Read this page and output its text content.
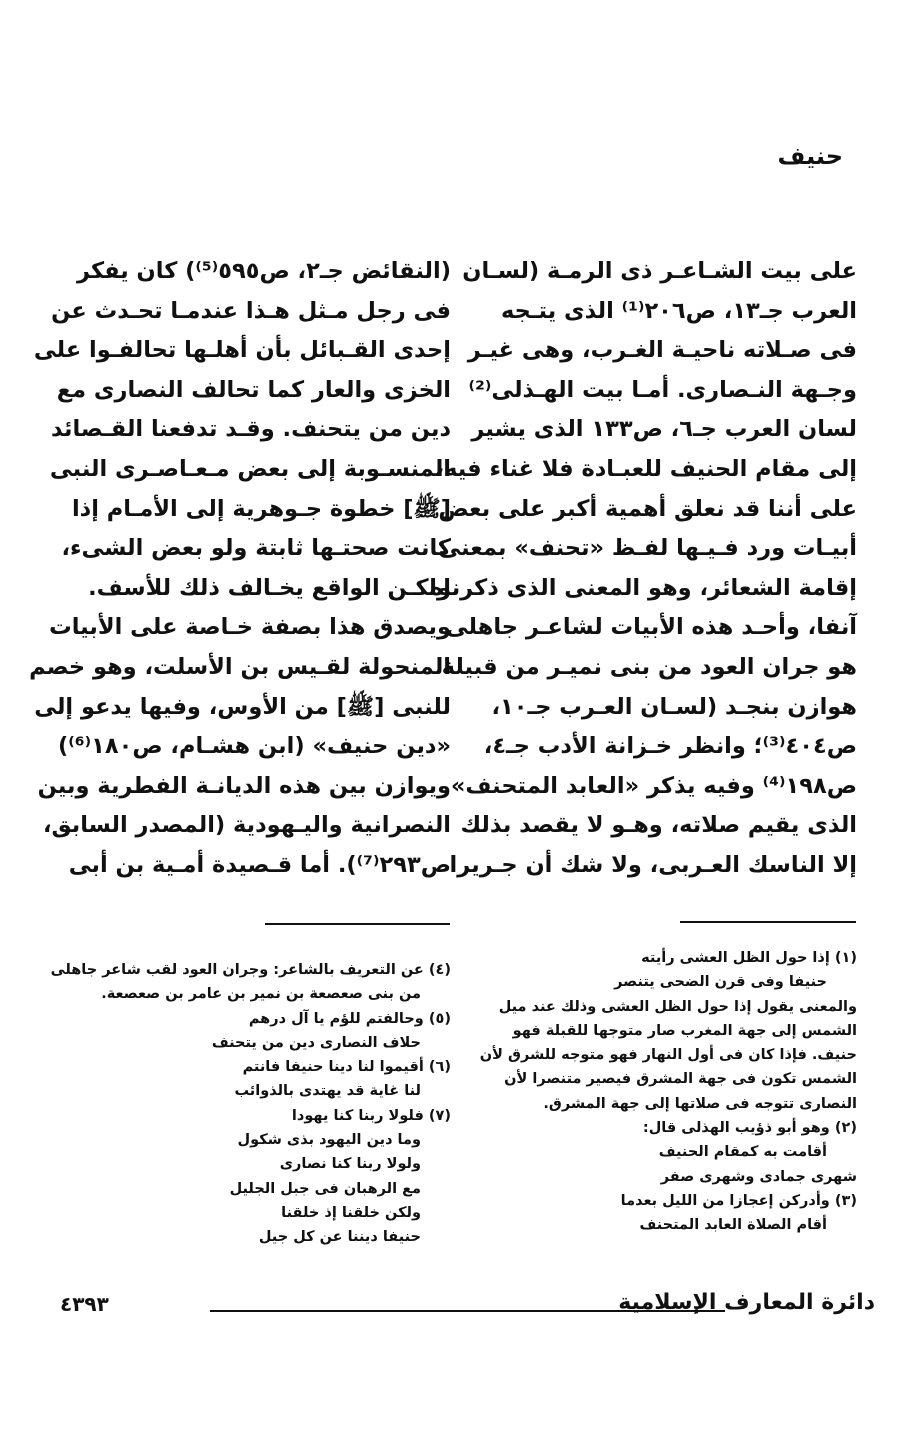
حنيف
على بيت الشـاعـر ذى الرمـة (لسـان
العرب جـ١٣، ص٢٠٦⁽¹⁾ الذى يتـجه
فى صـلاته ناحيـة الغـرب، وهى غيـر
وجـهة النـصارى. أمـا بيت الهـذلى⁽²⁾
لسان العرب جـ٦، ص١٣٣ الذى يشير
إلى مقام الحنيف للعبـادة فلا غناء فيه،
على أننا قد نعلق أهمية أكبر على بعض
أبيـات ورد فـيـها لفـظ «تحنف» بمعنى
إقامة الشعائر، وهو المعنى الذى ذكرناه
آنفا، وأحـد هذه الأبيات لشاعـر جاهلى
هو جران العود من بنى نميـر من قبيلة
هوازن بنجـد (لسـان العـرب جـ١٠،
ص٤٠٤⁽³⁾؛ وانظر خـزانة الأدب جـ٤،
ص١٩٨⁽⁴⁾ وفيه يذكر «العابد المتحنف»
الذى يقيم صلاته، وهـو لا يقصد بذلك
إلا الناسك العـربى، ولا شك أن جـريرا
(النقائض جـ٢، ص٥٩٥⁽⁵⁾) كان يفكر
فى رجل مـثل هـذا عندمـا تحـدث عن
إحدى القـبائل بأن أهلـها تحالفـوا على
الخزى والعار كما تحالف النصارى مع
دين من يتحنف. وقـد تدفعنا القـصائد
المنسـوبة إلى بعض مـعـاصـرى النبى
[ﷺ] خطوة جـوهرية إلى الأمـام إذا
كانت صحتـها ثابتة ولو بعض الشىء،
ولكـن الواقع يخـالف ذلك للأسف.
ويصدق هذا بصفة خـاصة على الأبيات
المنحولة لقـيس بن الأسلت، وهو خصم
للنبى [ﷺ] من الأوس، وفيها يدعو إلى
«دين حنيف» (ابن هشـام، ص١٨٠⁽⁶⁾)
ويوازن بين هذه الديانـة الفطرية وبين
النصرانية واليـهودية (المصدر السابق،
ص٢٩٣⁽⁷⁾). أما قـصيدة أمـية بن أبى
(١) إذا حول الظل العشى رأيته
حنيفا وفى قرن الضحى يتنصر
والمعنى يقول إذا حول الظل العشى وذلك عند ميل
الشمس إلى جهة المغرب صار متوجها للقبلة فهو
حنيف. فإذا كان فى أول النهار فهو متوجه للشرق لأن
الشمس تكون فى جهة المشرق فيصير متنصرا لأن
النصارى تتوجه فى صلاتها إلى جهة المشرق.
(٢) وهو أبو ذؤيب الهذلى قال:
أقامت به كمقام الحنيف
شهرى جمادى وشهرى صفر
(٣) وأدركن إعجازا من الليل بعدما
أقام الصلاة العابد المتحنف
(٤) عن التعريف بالشاعر: وجران العود لقب شاعر جاهلى
من بنى صعصعة بن نمير بن عامر بن صعصعة.
(٥) وحالفتم للؤم يا آل درهم
حلاف النصارى دين من يتحنف
(٦) أقيموا لنا دينا حنيفا فانتم
لنا غاية قد يهتدى بالذوائب
(٧) فلولا ربنا كنا يهودا
وما دين اليهود بذى شكول
ولولا ربنا كنا نصارى
مع الرهبان فى جبل الجليل
ولكن خلقنا إذ خلقنا
حنيفا ديننا عن كل جيل
دائرة المعارف الإسلامية
٤٣٩٣
